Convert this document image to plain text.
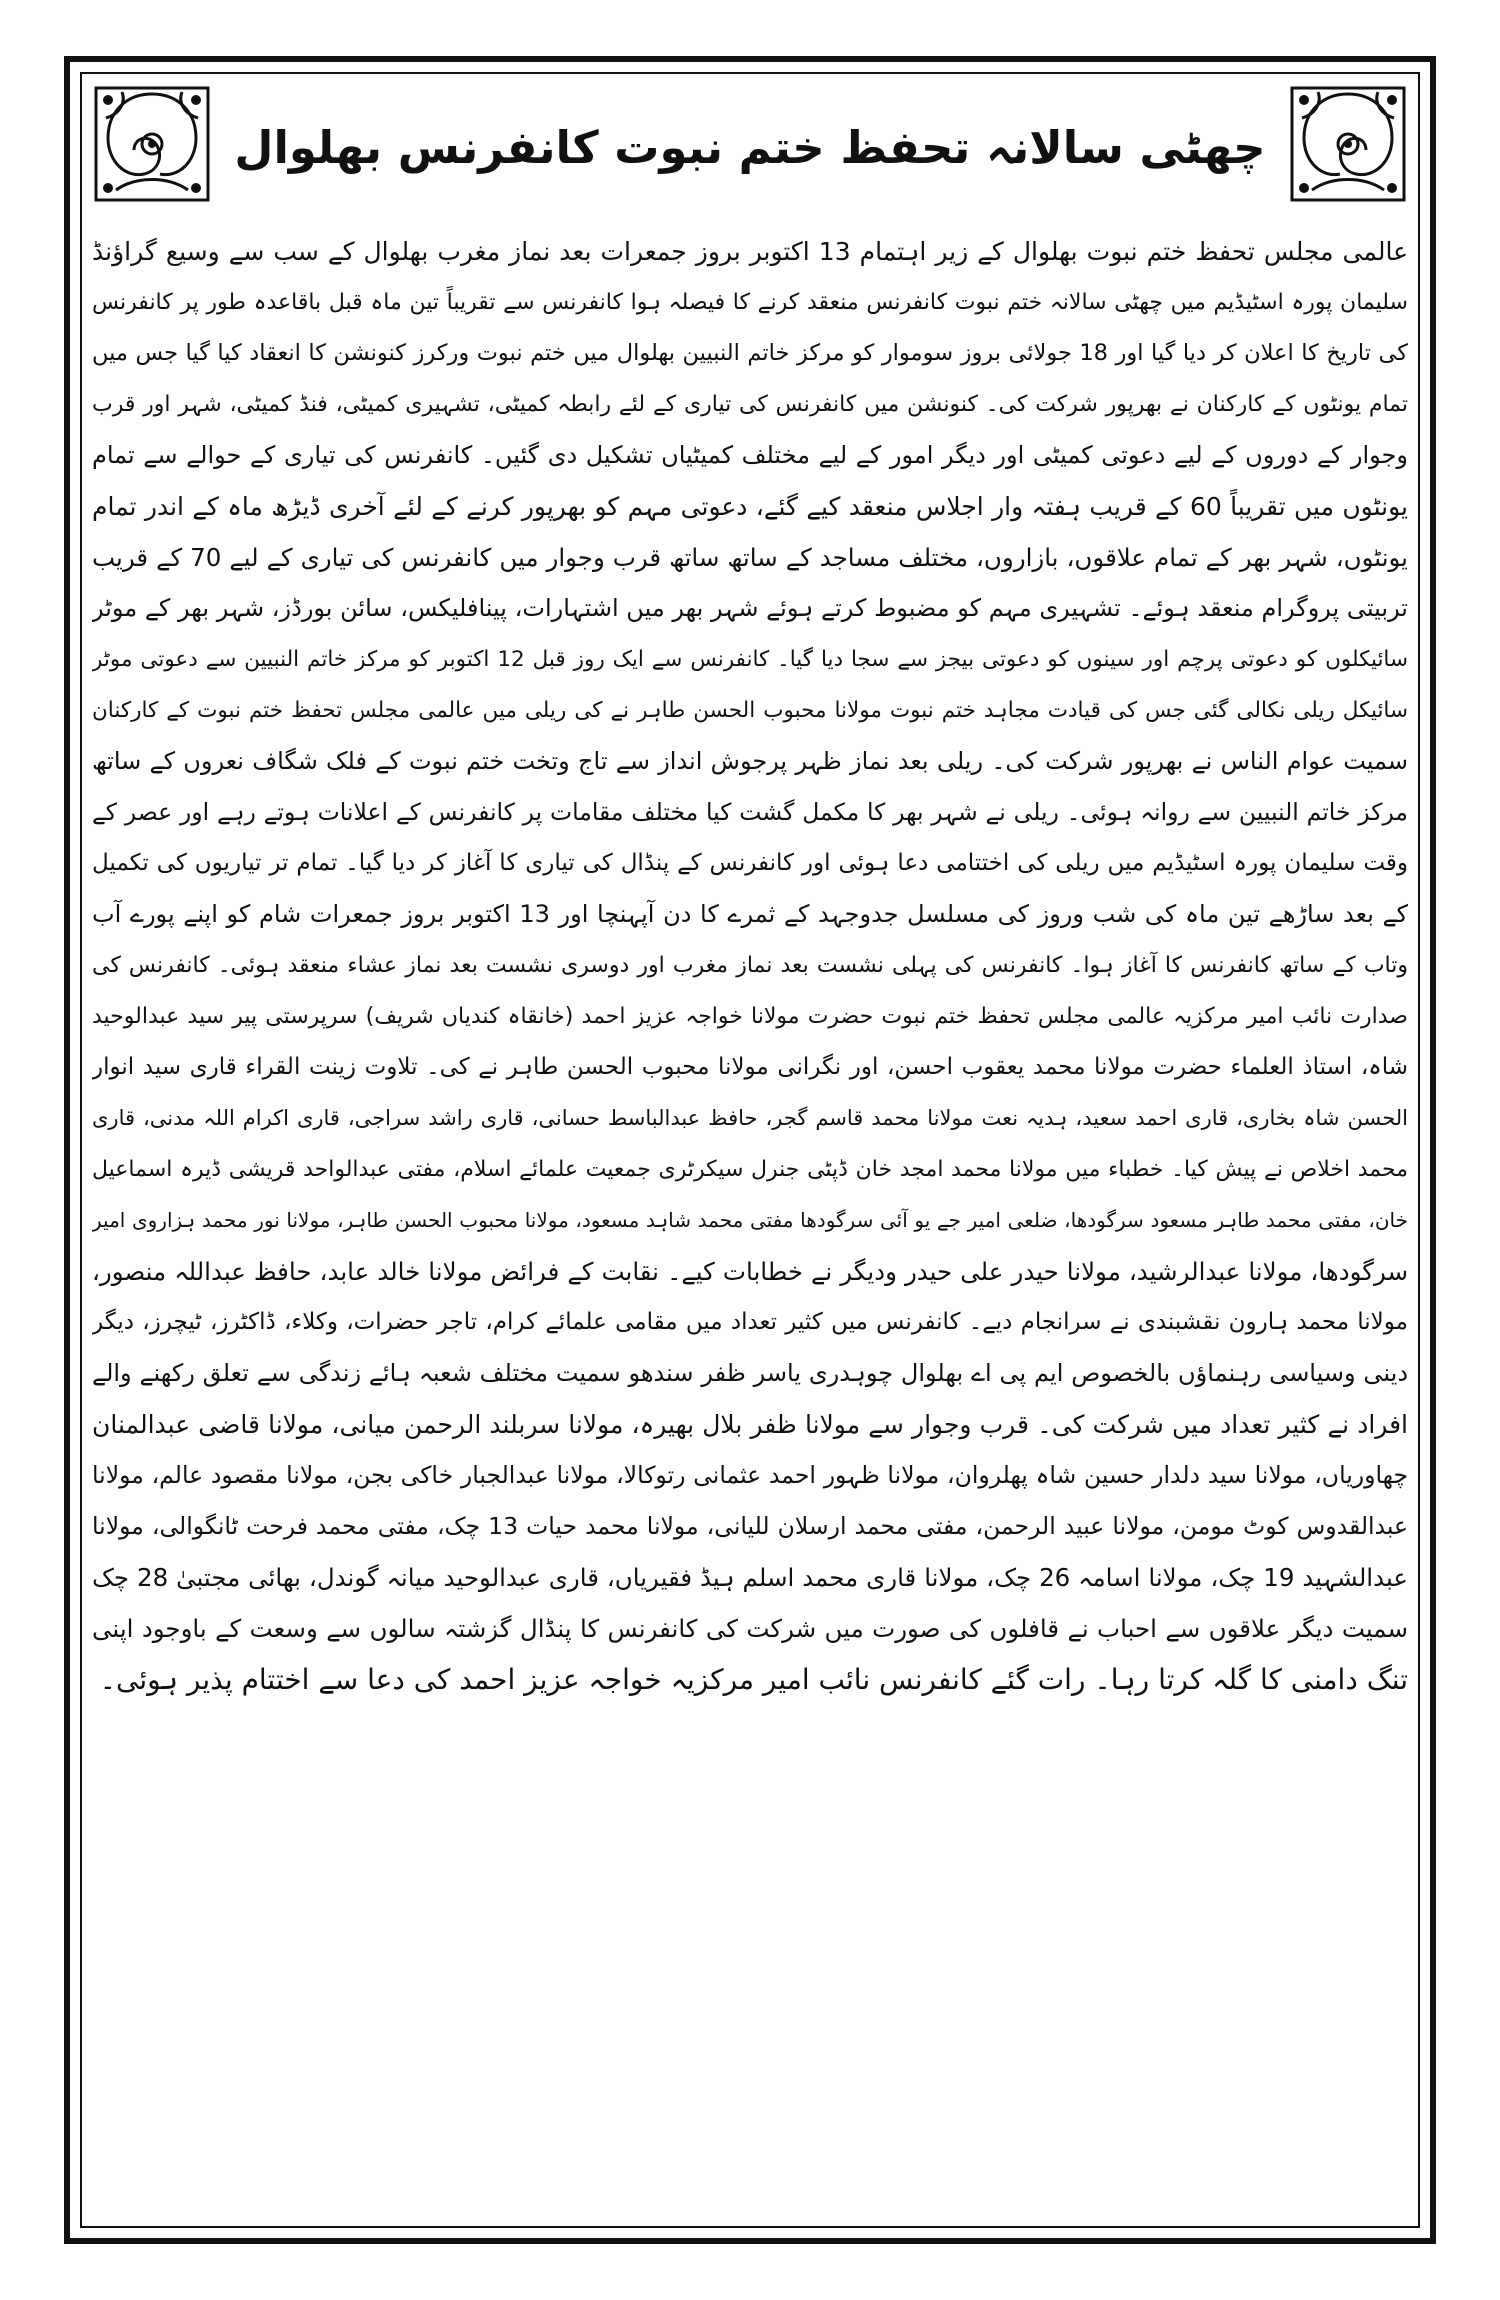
چھٹی سالانہ تحفظ ختم نبوت کانفرنس بھلوال
عالمی مجلس تحفظ ختم نبوت بھلوال کے زیر اہتمام 13 اکتوبر بروز جمعرات بعد نماز مغرب بھلوال کے سب سے وسیع گراؤنڈ
سلیمان پورہ اسٹیڈیم میں چھٹی سالانہ ختم نبوت کانفرنس منعقد کرنے کا فیصلہ ہوا کانفرنس سے تقریباً تین ماہ قبل باقاعدہ طور پر کانفرنس
کی تاریخ کا اعلان کر دیا گیا اور 18 جولائی بروز سوموار کو مرکز خاتم النبیین بھلوال میں ختم نبوت ورکرز کنونشن کا انعقاد کیا گیا جس میں
تمام یونٹوں کے کارکنان نے بھرپور شرکت کی۔ کنونشن میں کانفرنس کی تیاری کے لئے رابطہ کمیٹی، تشہیری کمیٹی، فنڈ کمیٹی، شہر اور قرب
وجوار کے دوروں کے لیے دعوتی کمیٹی اور دیگر امور کے لیے مختلف کمیٹیاں تشکیل دی گئیں۔ کانفرنس کی تیاری کے حوالے سے تمام
یونٹوں میں تقریباً 60 کے قریب ہفتہ وار اجلاس منعقد کیے گئے، دعوتی مہم کو بھرپور کرنے کے لئے آخری ڈیڑھ ماہ کے اندر تمام
یونٹوں، شہر بھر کے تمام علاقوں، بازاروں، مختلف مساجد کے ساتھ ساتھ قرب وجوار میں کانفرنس کی تیاری کے لیے 70 کے قریب
تربیتی پروگرام منعقد ہوئے۔ تشہیری مہم کو مضبوط کرتے ہوئے شہر بھر میں اشتہارات، پینافلیکس، سائن بورڈز، شہر بھر کے موٹر
سائیکلوں کو دعوتی پرچم اور سینوں کو دعوتی بیجز سے سجا دیا گیا۔ کانفرنس سے ایک روز قبل 12 اکتوبر کو مرکز خاتم النبیین سے دعوتی موٹر
سائیکل ریلی نکالی گئی جس کی قیادت مجاہد ختم نبوت مولانا محبوب الحسن طاہر نے کی ریلی میں عالمی مجلس تحفظ ختم نبوت کے کارکنان
سمیت عوام الناس نے بھرپور شرکت کی۔ ریلی بعد نماز ظہر پرجوش انداز سے تاج وتخت ختم نبوت کے فلک شگاف نعروں کے ساتھ
مرکز خاتم النبیین سے روانہ ہوئی۔ ریلی نے شہر بھر کا مکمل گشت کیا مختلف مقامات پر کانفرنس کے اعلانات ہوتے رہے اور عصر کے
وقت سلیمان پورہ اسٹیڈیم میں ریلی کی اختتامی دعا ہوئی اور کانفرنس کے پنڈال کی تیاری کا آغاز کر دیا گیا۔ تمام تر تیاریوں کی تکمیل
کے بعد ساڑھے تین ماہ کی شب وروز کی مسلسل جدوجہد کے ثمرے کا دن آپہنچا اور 13 اکتوبر بروز جمعرات شام کو اپنے پورے آب
وتاب کے ساتھ کانفرنس کا آغاز ہوا۔ کانفرنس کی پہلی نشست بعد نماز مغرب اور دوسری نشست بعد نماز عشاء منعقد ہوئی۔ کانفرنس کی
صدارت نائب امیر مرکزیہ عالمی مجلس تحفظ ختم نبوت حضرت مولانا خواجہ عزیز احمد (خانقاہ کندیاں شریف) سرپرستی پیر سید عبدالوحید
شاہ، استاذ العلماء حضرت مولانا محمد یعقوب احسن، اور نگرانی مولانا محبوب الحسن طاہر نے کی۔ تلاوت زینت القراء قاری سید انوار
الحسن شاہ بخاری، قاری احمد سعید، ہدیہ نعت مولانا محمد قاسم گجر، حافظ عبدالباسط حسانی، قاری راشد سراجی، قاری اکرام اللہ مدنی، قاری
محمد اخلاص نے پیش کیا۔ خطباء میں مولانا محمد امجد خان ڈپٹی جنرل سیکرٹری جمعیت علمائے اسلام، مفتی عبدالواحد قریشی ڈیرہ اسماعیل
خان، مفتی محمد طاہر مسعود سرگودھا، ضلعی امیر جے یو آئی سرگودھا مفتی محمد شاہد مسعود، مولانا محبوب الحسن طاہر، مولانا نور محمد ہزاروی امیر
سرگودھا، مولانا عبدالرشید، مولانا حیدر علی حیدر ودیگر نے خطابات کیے۔ نقابت کے فرائض مولانا خالد عابد، حافظ عبداللہ منصور،
مولانا محمد ہارون نقشبندی نے سرانجام دیے۔ کانفرنس میں کثیر تعداد میں مقامی علمائے کرام، تاجر حضرات، وکلاء، ڈاکٹرز، ٹیچرز، دیگر
دینی وسیاسی رہنماؤں بالخصوص ایم پی اے بھلوال چوہدری یاسر ظفر سندھو سمیت مختلف شعبہ ہائے زندگی سے تعلق رکھنے والے
افراد نے کثیر تعداد میں شرکت کی۔ قرب وجوار سے مولانا ظفر بلال بھیرہ، مولانا سربلند الرحمن میانی، مولانا قاضی عبدالمنان
چھاوریاں، مولانا سید دلدار حسین شاہ پھلروان، مولانا ظہور احمد عثمانی رتوکالا، مولانا عبدالجبار خاکی بجن، مولانا مقصود عالم، مولانا
عبدالقدوس کوٹ مومن، مولانا عبید الرحمن، مفتی محمد ارسلان للیانی، مولانا محمد حیات 13 چک، مفتی محمد فرحت ٹانگوالی، مولانا
عبدالشہید 19 چک، مولانا اسامہ 26 چک، مولانا قاری محمد اسلم ہیڈ فقیریاں، قاری عبدالوحید میانہ گوندل، بھائی مجتبیٰ 28 چک
سمیت دیگر علاقوں سے احباب نے قافلوں کی صورت میں شرکت کی کانفرنس کا پنڈال گزشتہ سالوں سے وسعت کے باوجود اپنی
تنگ دامنی کا گلہ کرتا رہا۔ رات گئے کانفرنس نائب امیر مرکزیہ خواجہ عزیز احمد کی دعا سے اختتام پذیر ہوئی۔
